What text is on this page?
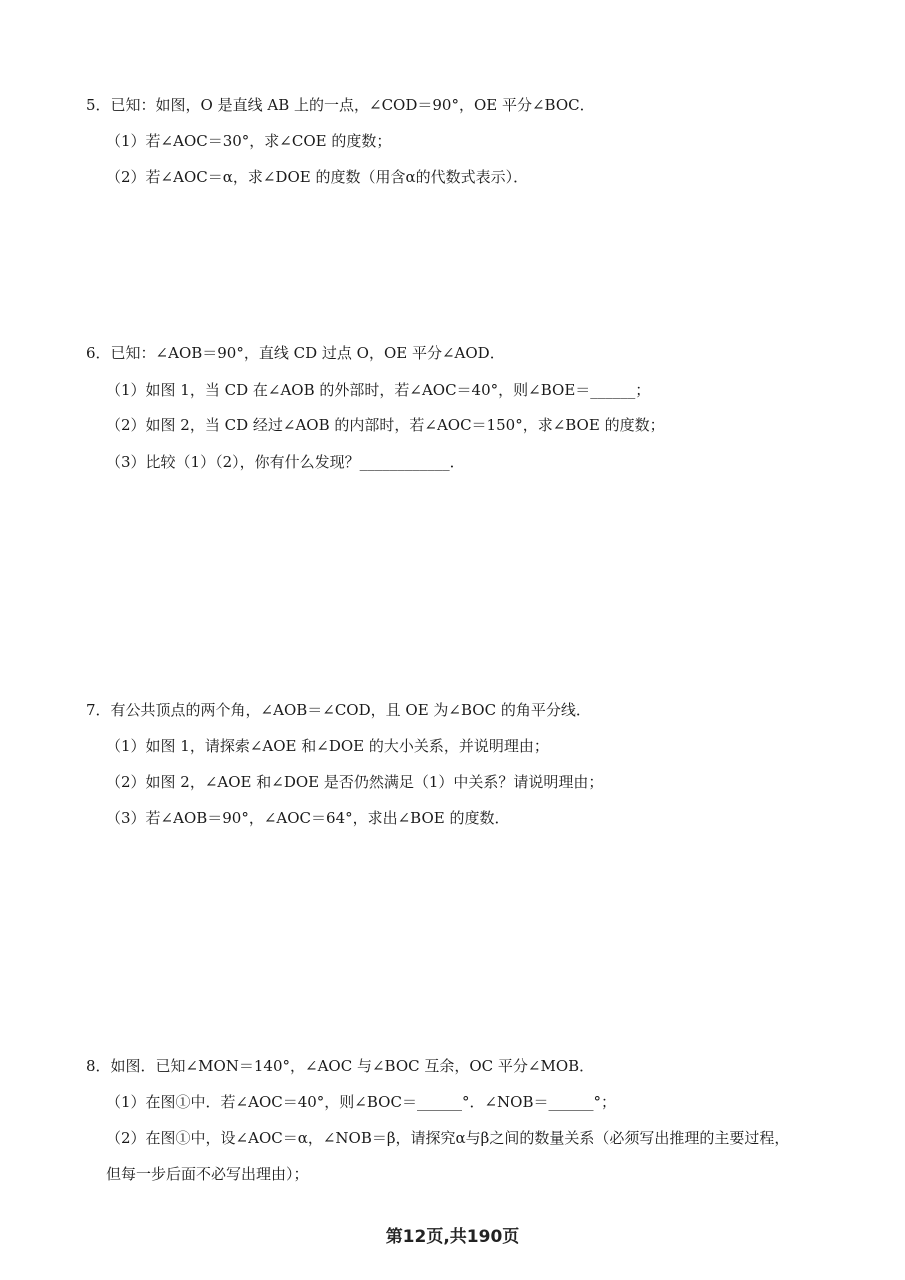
5．已知：如图，O 是直线 AB 上的一点，∠COD＝90°，OE 平分∠BOC．
（1）若∠AOC＝30°，求∠COE 的度数；
（2）若∠AOC＝α，求∠DOE 的度数（用含α的代数式表示）．
6．已知：∠AOB＝90°，直线 CD 过点 O，OE 平分∠AOD．
（1）如图 1，当 CD 在∠AOB 的外部时，若∠AOC＝40°，则∠BOE＝______；
（2）如图 2，当 CD 经过∠AOB 的内部时，若∠AOC＝150°，求∠BOE 的度数；
（3）比较（1）（2），你有什么发现？____________．
7．有公共顶点的两个角，∠AOB＝∠COD，且 OE 为∠BOC 的角平分线．
（1）如图 1，请探索∠AOE 和∠DOE 的大小关系，并说明理由；
（2）如图 2，∠AOE 和∠DOE 是否仍然满足（1）中关系？请说明理由；
（3）若∠AOB＝90°，∠AOC＝64°，求出∠BOE 的度数．
8．如图．已知∠MON＝140°，∠AOC 与∠BOC 互余，OC 平分∠MOB．
（1）在图①中．若∠AOC＝40°，则∠BOC＝______°．∠NOB＝______°；
（2）在图①中，设∠AOC＝α，∠NOB＝β，请探究α与β之间的数量关系（必须写出推理的主要过程，
但每一步后面不必写出理由）；
第12页,共190页
